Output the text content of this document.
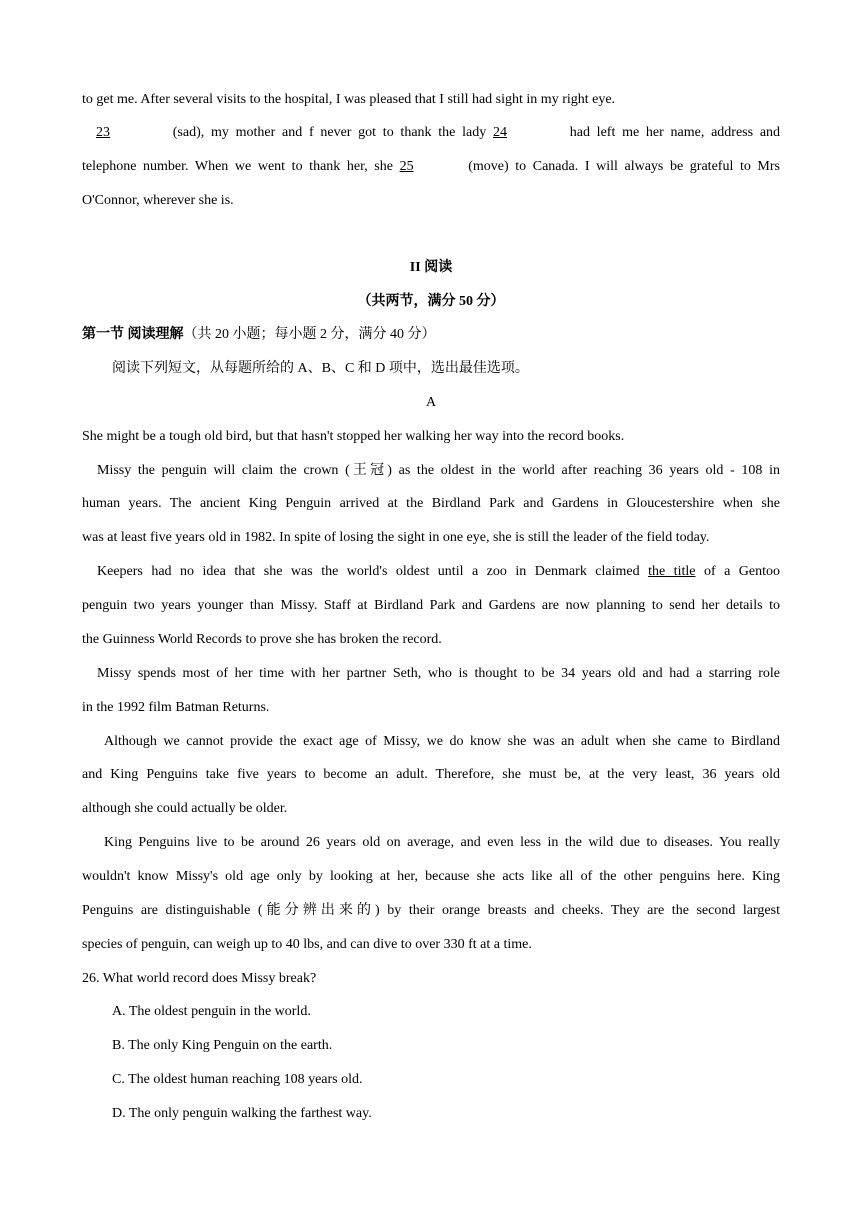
to get me. After several visits to the hospital, I was pleased that I still had sight in my right eye.
23	(sad), my mother and f never got to thank the lady 24	had left me her name, address and
telephone number. When we went to thank her, she 25	(move) to Canada. I will always be grateful to Mrs
O'Connor, wherever she is.
II 阅读
（共两节，满分 50 分）
第一节 阅读理解（共 20 小题；每小题 2 分，满分 40 分）
阅读下列短文，从每题所给的 A、B、C 和 D 项中，选出最佳选项。
A
She might be a tough old bird, but that hasn't stopped her walking her way into the record books.
Missy the penguin will claim the crown (王冠) as the oldest in the world after reaching 36 years old - 108 in
human years. The ancient King Penguin arrived at the Birdland Park and Gardens in Gloucestershire when she
was at least five years old in 1982. In spite of losing the sight in one eye, she is still the leader of the field today.
Keepers had no idea that she was the world's oldest until a zoo in Denmark claimed the title of a Gentoo
penguin two years younger than Missy. Staff at Birdland Park and Gardens are now planning to send her details to
the Guinness World Records to prove she has broken the record.
Missy spends most of her time with her partner Seth, who is thought to be 34 years old and had a starring role
in the 1992 film Batman Returns.
Although we cannot provide the exact age of Missy, we do know she was an adult when she came to Birdland
and King Penguins take five years to become an adult. Therefore, she must be, at the very least, 36 years old
although she could actually be older.
King Penguins live to be around 26 years old on average, and even less in the wild due to diseases. You really
wouldn't know Missy's old age only by looking at her, because she acts like all of the other penguins here. King
Penguins are distinguishable (能分辨出来的) by their orange breasts and cheeks. They are the second largest
species of penguin, can weigh up to 40 lbs, and can dive to over 330 ft at a time.
26. What world record does Missy break?
A. The oldest penguin in the world.
B. The only King Penguin on the earth.
C. The oldest human reaching 108 years old.
D. The only penguin walking the farthest way.
